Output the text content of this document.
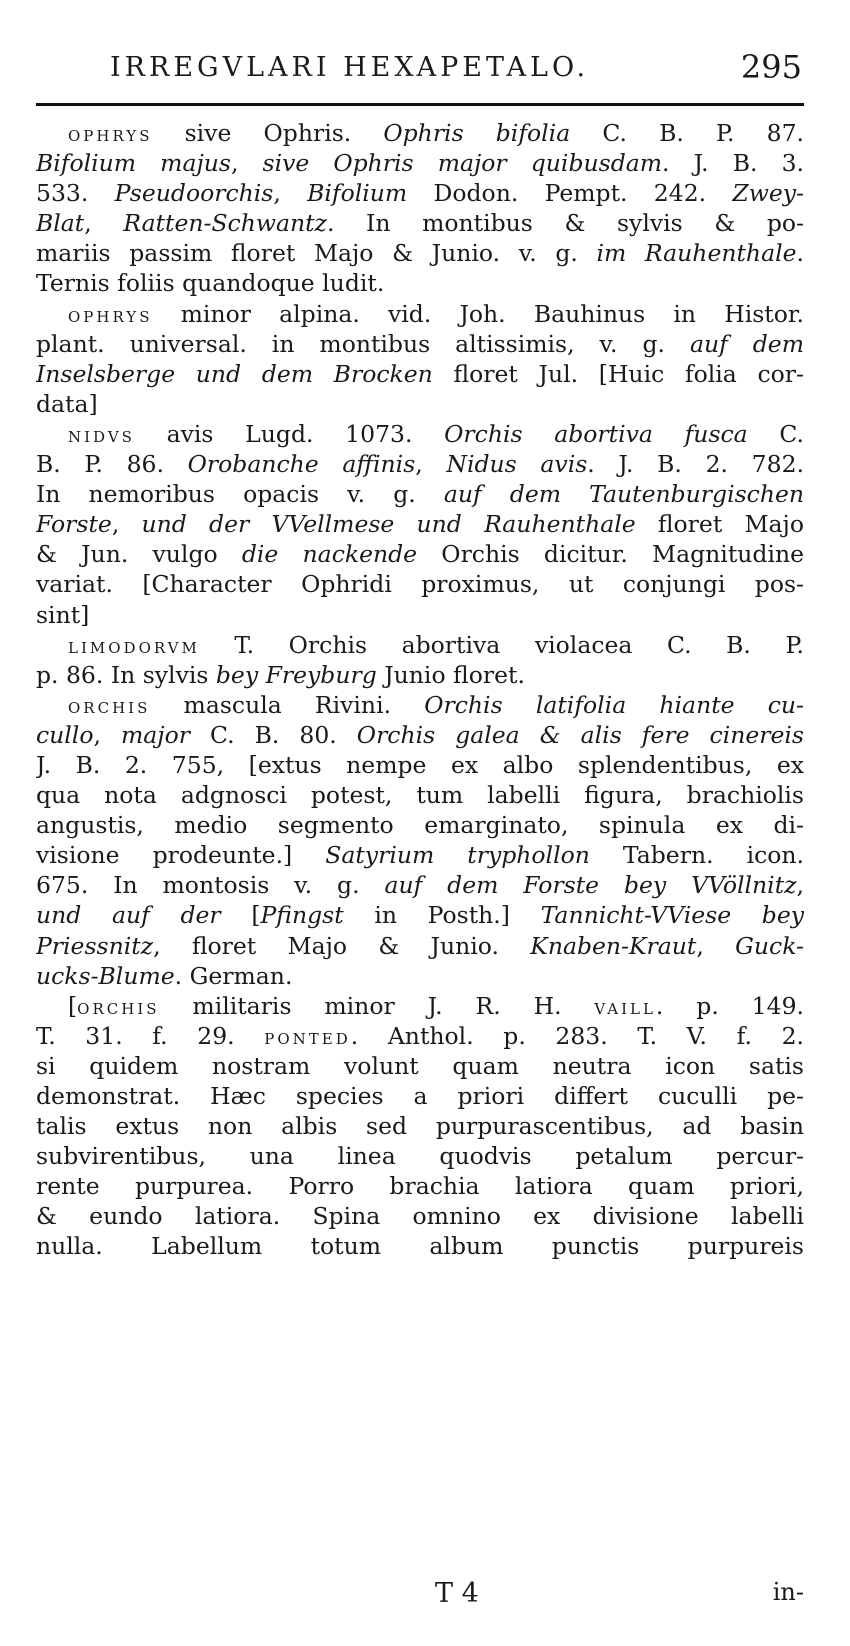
IRREGVLARI HEXAPETALO.	295
OPHRYS sive Ophris. Ophris bifolia C. B. P. 87.
Bifolium majus, sive Ophris major quibusdam. J. B. 3.
533. Pseudoorchis, Bifolium Dodon. Pempt. 242. Zwey-
Blat, Ratten-Schwantz. In montibus & sylvis & po-
mariis passim floret Majo & Junio. v. g. im Rauhenthale.
Ternis foliis quandoque ludit.
OPHRYS minor alpina. vid. Joh. Bauhinus in Histor.
plant. universal. in montibus altissimis, v. g. auf dem
Inselsberge und dem Brocken floret Jul. [Huic folia cor-
data]
NIDVS avis Lugd. 1073. Orchis abortiva fusca C.
B. P. 86. Orobanche affinis, Nidus avis. J. B. 2. 782.
In nemoribus opacis v. g. auf dem Tautenburgischen
Forste, und der VVellmese und Rauhenthale floret Majo
& Jun. vulgo die nackende Orchis dicitur. Magnitudine
variat. [Character Ophridi proximus, ut conjungi pos-
sint]
LIMODORVM T. Orchis abortiva violacea C. B. P.
p. 86. In sylvis bey Freyburg Junio floret.
ORCHIS mascula Rivini. Orchis latifolia hiante cu-
cullo, major C. B. 80. Orchis galea & alis fere cinereis
J. B. 2. 755, [extus nempe ex albo splendentibus, ex
qua nota adgnosci potest, tum labelli figura, brachiolis
angustis, medio segmento emarginato, spinula ex di-
visione prodeunte.] Satyrium tryphollon Tabern. icon.
675. In montosis v. g. auf dem Forste bey VVöllnitz,
und auf der [Pfingst in Posth.] Tannicht-VViese bey
Priessnitz, floret Majo & Junio. Knaben-Kraut, Guck-
ucks-Blume. German.
[ORCHIS militaris minor J. R. H. VAILL. p. 149.
T. 31. f. 29. PONTED. Anthol. p. 283. T. V. f. 2.
si quidem nostram volunt quam neutra icon satis
demonstrat. Hæc species a priori differt cuculli pe-
talis extus non albis sed purpurascentibus, ad basin
subvirentibus, una linea quodvis petalum percur-
rente purpurea. Porro brachia latiora quam priori,
& eundo latiora. Spina omnino ex divisione labelli
nulla. Labellum totum album punctis purpureis
T 4	in-
